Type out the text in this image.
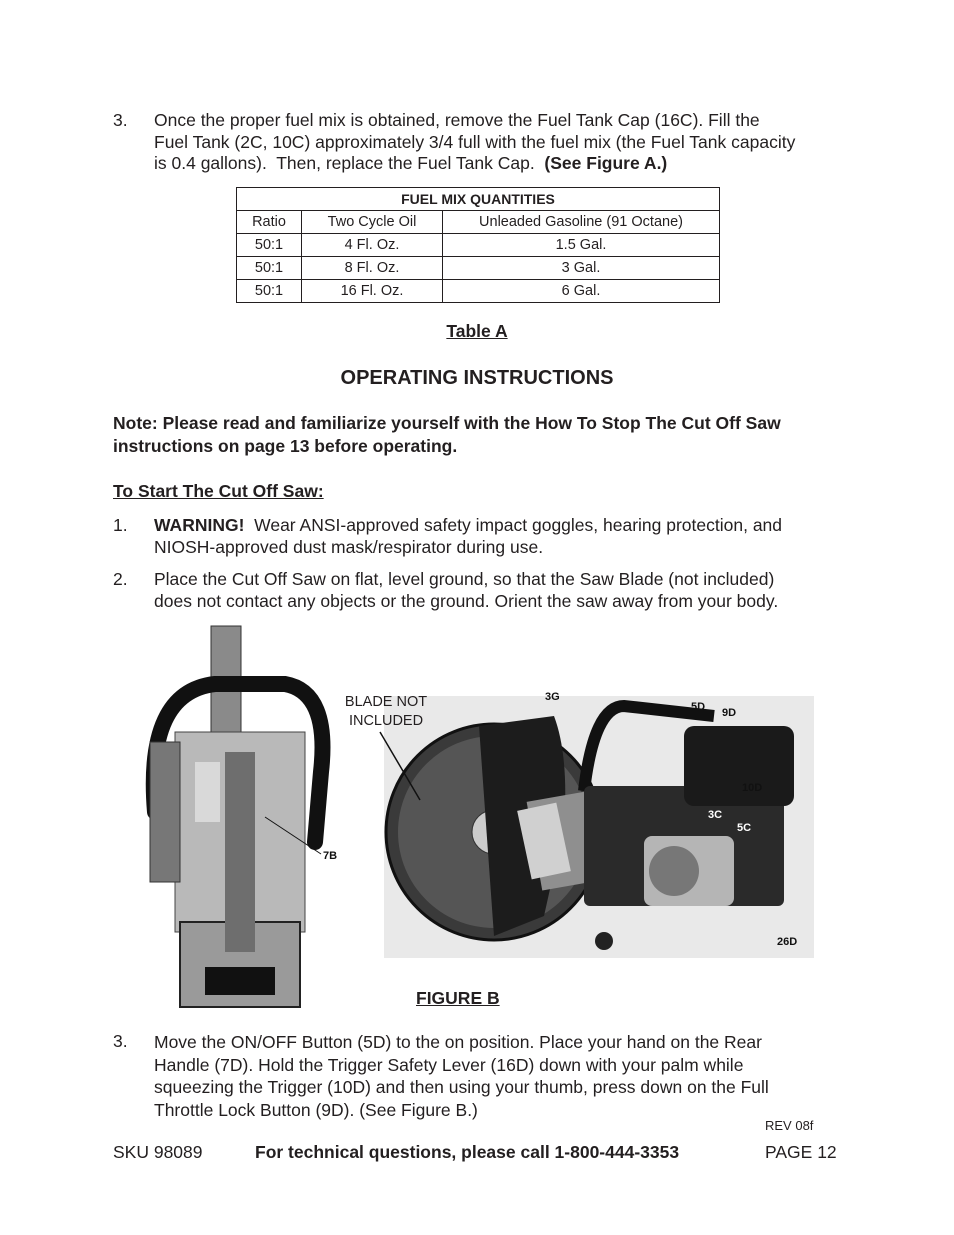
3. Once the proper fuel mix is obtained, remove the Fuel Tank Cap (16C). Fill the
Fuel Tank (2C, 10C) approximately 3/4 full with the fuel mix (the Fuel Tank capacity
is 0.4 gallons).  Then, replace the Fuel Tank Cap.  (See Figure A.)
FUEL MIX QUANTITIES		
Ratio	Two Cycle Oil	Unleaded Gasoline (91 Octane)
50:1	4 Fl. Oz.	1.5 Gal.
50:1	8 Fl. Oz.	3 Gal.
50:1	16 Fl. Oz.	6 Gal.
Table A
OPERATING INSTRUCTIONS
Note: Please read and familiarize yourself with the How To Stop The Cut Off Saw
instructions on page 13 before operating.
To Start The Cut Off Saw:
1. WARNING!  Wear ANSI-approved safety impact goggles, hearing protection, and
NIOSH-approved dust mask/respirator during use.
2. Place the Cut Off Saw on flat, level ground, so that the Saw Blade (not included)
does not contact any objects or the ground. Orient the saw away from your body.
7B
BLADE NOT
INCLUDED
3G
5D 9D
10D
3C
5C
26D
FIGURE B
3. Move the ON/OFF Button (5D) to the on position. Place your hand on the Rear
Handle (7D). Hold the Trigger Safety Lever (16D) down with your palm while
squeezing the Trigger (10D) and then using your thumb, press down on the Full
Throttle Lock Button (9D). (See Figure B.)
REV 08f
SKU 98089	For technical questions, please call 1-800-444-3353	PAGE 12
